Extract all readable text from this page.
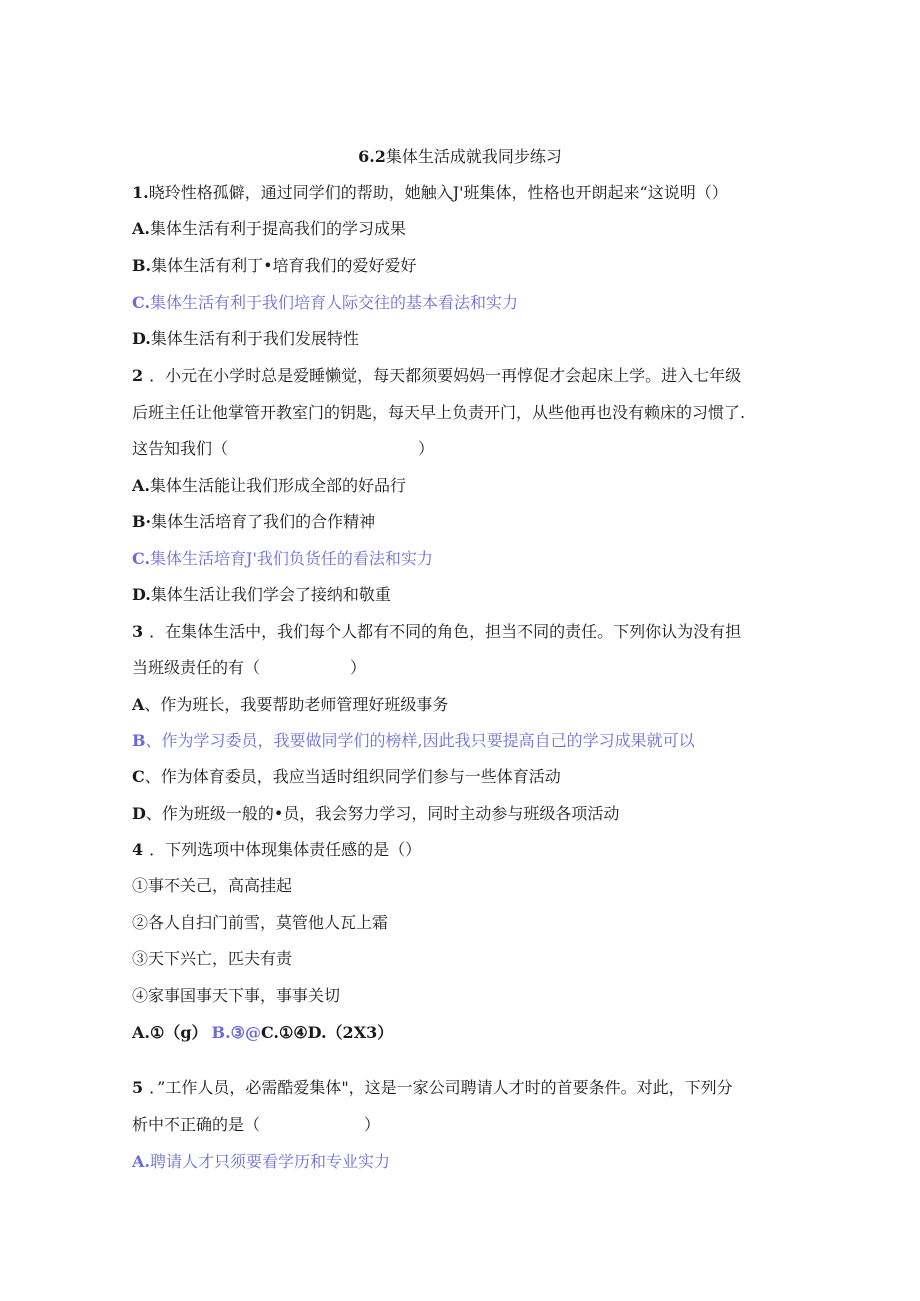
6.2集体生活成就我同步练习
1.晓玲性格孤僻，通过同学们的帮助，她触入J'班集体，性格也开朗起来“这说明（）
A.集体生活有利于提高我们的学习成果
B.集体生活有利丁•培育我们的爱好爱好
C.集体生活有利于我们培育人际交往的基本看法和实力
D.集体生活有利于我们发展特性
2 ．小元在小学时总是爱睡懒觉，每天都须要妈妈一再惇促才会起床上学。进入七年级
后班主任让他掌管开教室门的钥匙，每天早上负责开门，从些他再也没有赖床的习惯了.
这告知我们（	）
A.集体生活能让我们形成全部的好品行
B·集体生活培育了我们的合作精神
C.集体生活培育J'我们负货任的看法和实力
D.集体生活让我们学会了接纳和敬重
3 ．在集体生活中，我们每个人都有不同的角色，担当不同的责任。下列你认为没有担
当班级责任的有（	）
A、作为班长，我要帮助老师管理好班级事务
B、作为学习委员，我要做同学们的榜样,因此我只要提高自己的学习成果就可以
C、作为体育委员，我应当适时组织同学们参与一些体育活动
D、作为班级一般的•员，我会努力学习，同时主动参与班级各项活动
4 ．下列选项中体现集体责任感的是（）
①事不关己，高高挂起
②各人自扫门前雪，莫管他人瓦上霜
③天下兴亡，匹夫有责
④家事国事天下事，事事关切
A.①（g） B.③@C.①④D.（2X3）
5 ．”工作人员，必需酷爱集体"，这是一家公司聘请人才时的首要条件。对此，下列分
析中不正确的是（	）
A.聘请人才只须要看学历和专业实力
